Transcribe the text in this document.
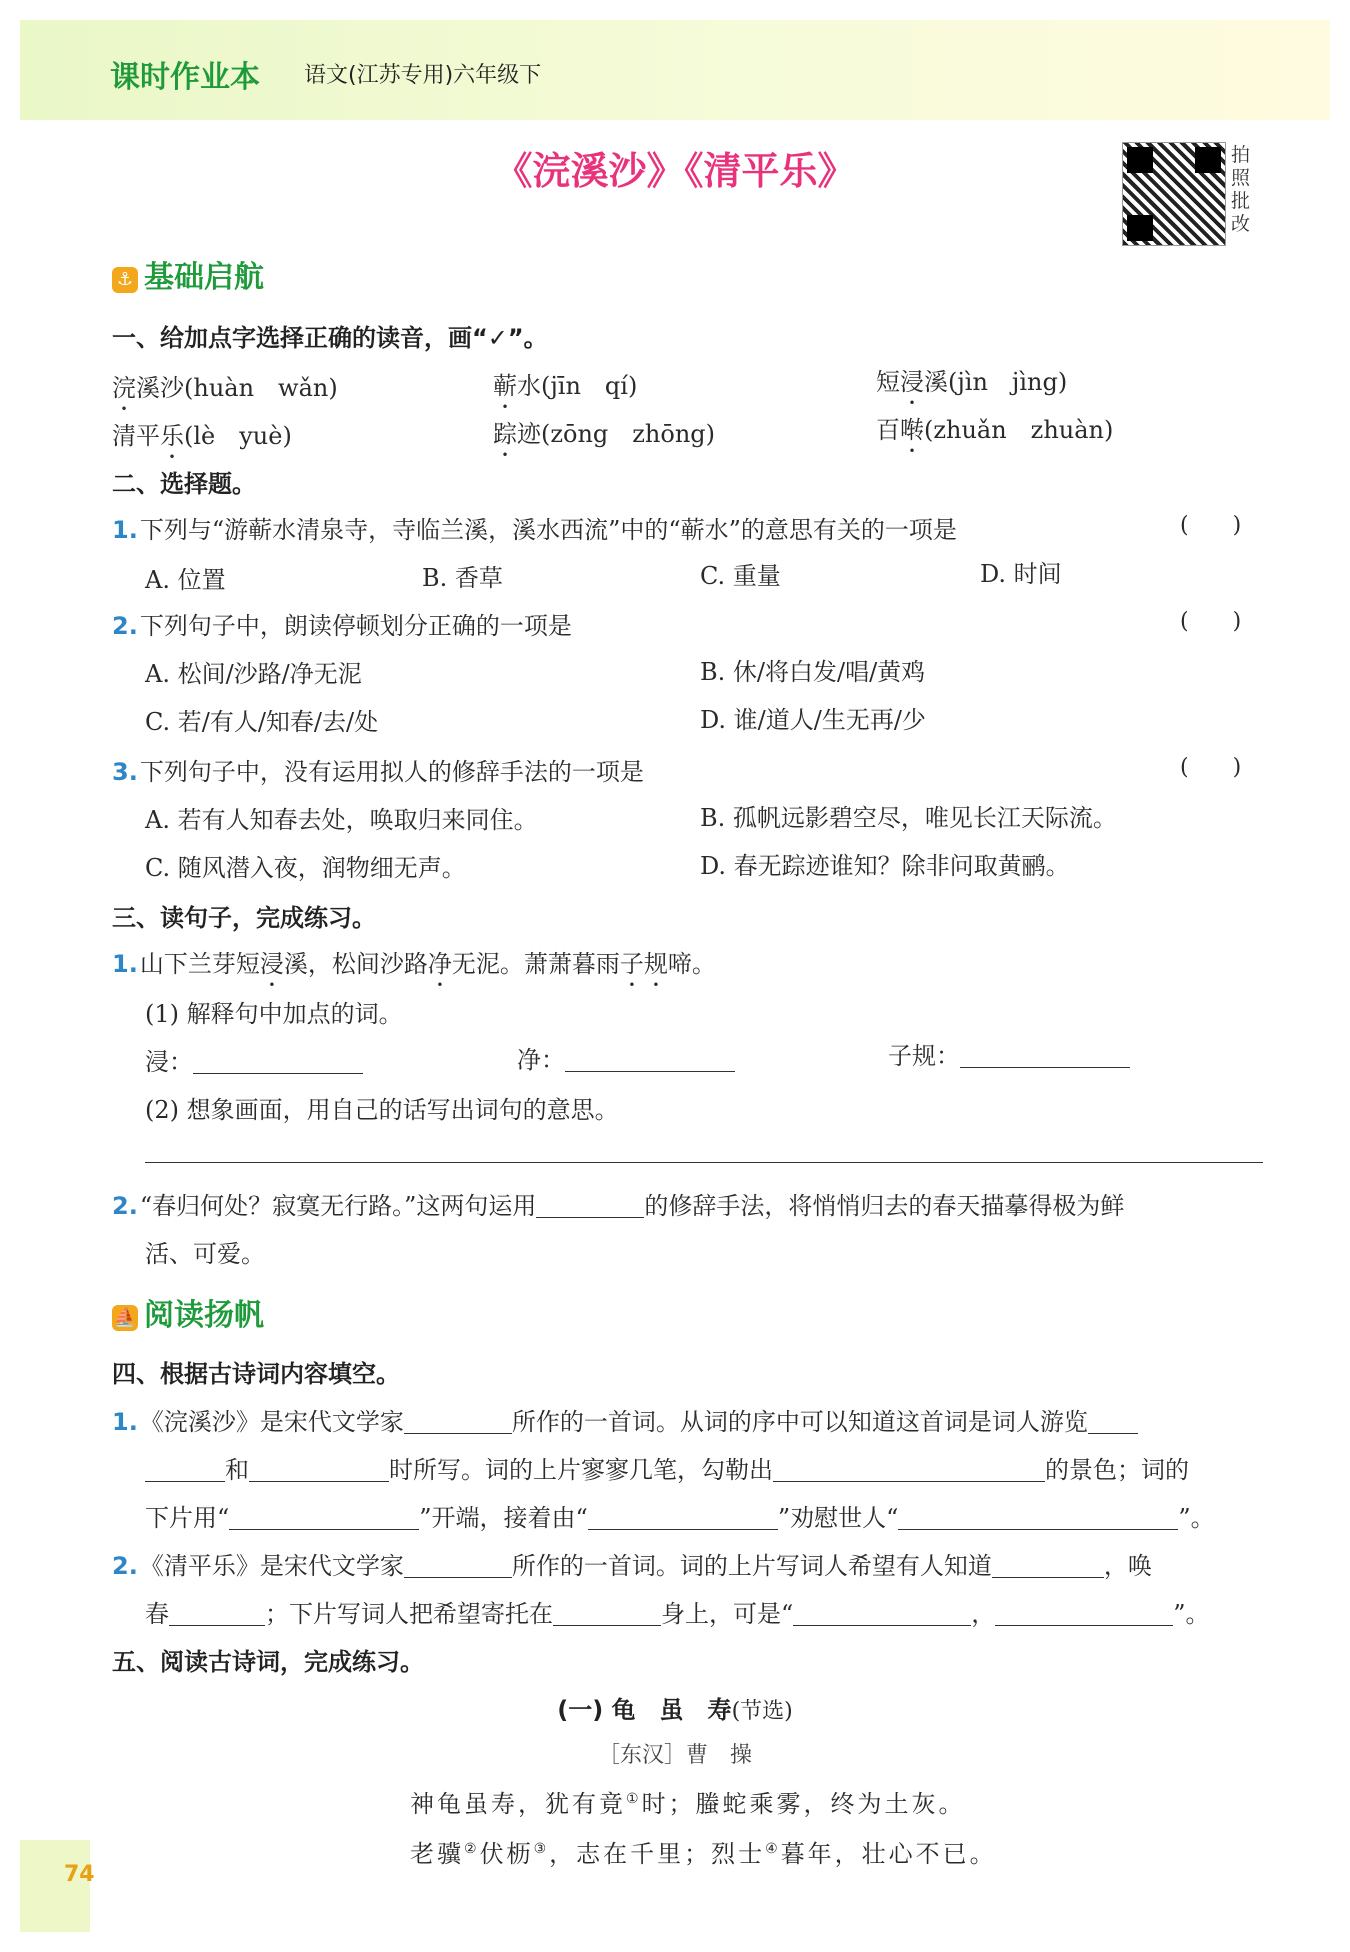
课时作业本 语文(江苏专用)六年级下
《浣溪沙》《清平乐》	拍照批改
⚓ 基础启航
一、给加点字选择正确的读音，画“✓”。
浣溪沙(huàn　wǎn)	蕲水(jīn　qí)	短浸溪(jìn　jìng)
清平乐(lè　yuè)	踪迹(zōng　zhōng)	百啭(zhuǎn　zhuàn)
二、选择题。
1.下列与“游蕲水清泉寺，寺临兰溪，溪水西流”中的“蕲水”的意思有关的一项是	(　　)
A. 位置	B. 香草	C. 重量	D. 时间
2.下列句子中，朗读停顿划分正确的一项是	(　　)
A. 松间/沙路/净无泥	B. 休/将白发/唱/黄鸡
C. 若/有人/知春/去/处	D. 谁/道人/生无再/少
3.下列句子中，没有运用拟人的修辞手法的一项是	(　　)
A. 若有人知春去处，唤取归来同住。	B. 孤帆远影碧空尽，唯见长江天际流。
C. 随风潜入夜，润物细无声。	D. 春无踪迹谁知？除非问取黄鹂。
三、读句子，完成练习。
1.山下兰芽短浸溪，松间沙路净无泥。萧萧暮雨子规啼。
(1) 解释句中加点的词。
浸：	净：	子规：
(2) 想象画面，用自己的话写出词句的意思。
2.“春归何处？寂寞无行路。”这两句运用	的修辞手法，将悄悄归去的春天描摹得极为鲜
活、可爱。
⛵ 阅读扬帆
四、根据古诗词内容填空。
1.《浣溪沙》是宋代文学家	所作的一首词。从词的序中可以知道这首词是词人游览
和	时所写。词的上片寥寥几笔，勾勒出	的景色；词的
下片用“	”开端，接着由“	”劝慰世人“	”。
2.《清平乐》是宋代文学家	所作的一首词。词的上片写词人希望有人知道	，唤
春	；下片写词人把希望寄托在	身上，可是“	，	”。
五、阅读古诗词，完成练习。
(一) 龟　虽　寿(节选)
［东汉］曹　操
神龟虽寿，犹有竟①时；螣蛇乘雾，终为土灰。
老骥②伏枥③，志在千里；烈士④暮年，壮心不已。
74
